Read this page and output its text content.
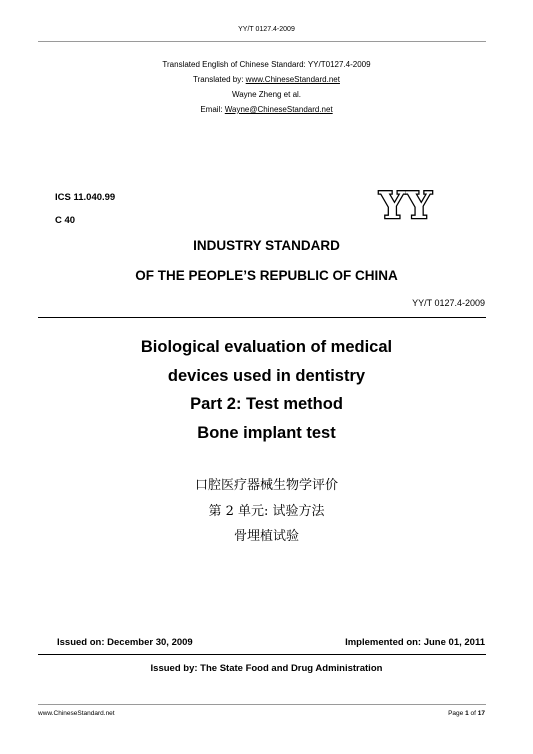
YY/T 0127.4-2009
Translated English of Chinese Standard: YY/T0127.4-2009
Translated by: www.ChineseStandard.net
Wayne Zheng et al.
Email: Wayne@ChineseStandard.net
ICS 11.040.99
C 40	YY
INDUSTRY STANDARD
OF THE PEOPLE’S REPUBLIC OF CHINA
YY/T 0127.4-2009
Biological evaluation of medical
devices used in dentistry
Part 2: Test method
Bone implant test
口腔医疗器械生物学评价
第 2 单元: 试验方法
骨埋植试验
Issued on: December 30, 2009	Implemented on: June 01, 2011
Issued by: The State Food and Drug Administration
www.ChineseStandard.net	Page 1 of 17
